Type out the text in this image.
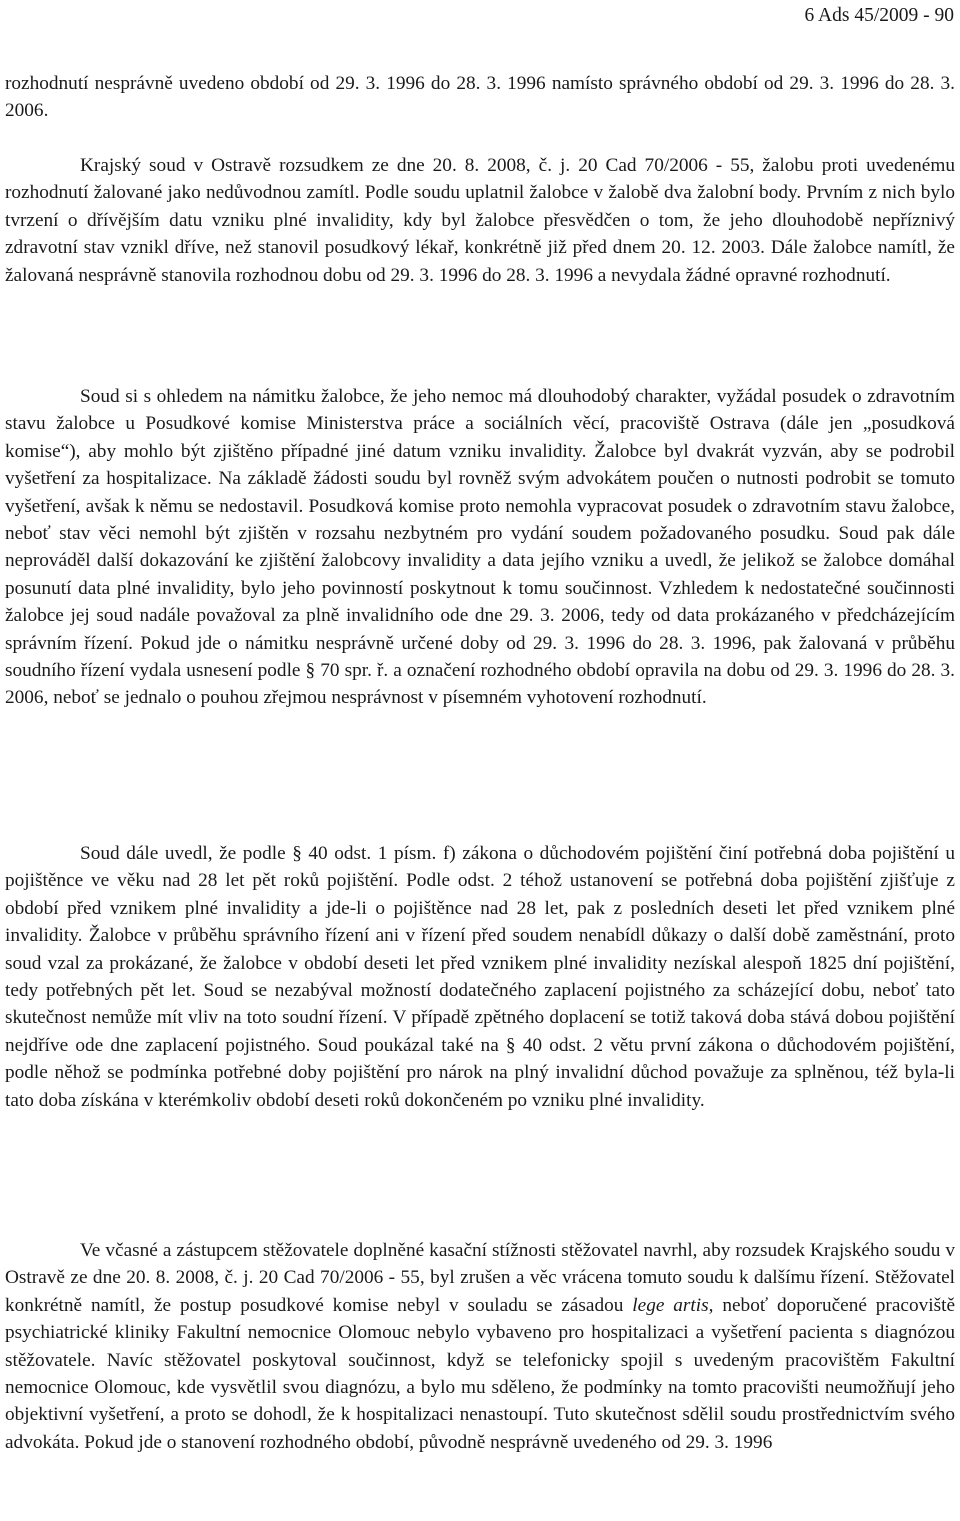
6 Ads 45/2009 - 90

rozhodnutí nesprávně uvedeno období od 29. 3. 1996 do 28. 3. 1996 namísto správného období od 29. 3. 1996 do 28. 3. 2006.

Krajský soud v Ostravě rozsudkem ze dne 20. 8. 2008, č. j. 20 Cad 70/2006 - 55, žalobu proti uvedenému rozhodnutí žalované jako nedůvodnou zamítl. Podle soudu uplatnil žalobce v žalobě dva žalobní body. Prvním z nich bylo tvrzení o dřívějším datu vzniku plné invalidity, kdy byl žalobce přesvědčen o tom, že jeho dlouhodobě nepříznivý zdravotní stav vznikl dříve, než stanovil posudkový lékař, konkrétně již před dnem 20. 12. 2003. Dále žalobce namítl, že žalovaná nesprávně stanovila rozhodnou dobu od 29. 3. 1996 do 28. 3. 1996 a nevydala žádné opravné rozhodnutí.

Soud si s ohledem na námitku žalobce, že jeho nemoc má dlouhodobý charakter, vyžádal posudek o zdravotním stavu žalobce u Posudkové komise Ministerstva práce a sociálních věcí, pracoviště Ostrava (dále jen „posudková komise“), aby mohlo být zjištěno případné jiné datum vzniku invalidity. Žalobce byl dvakrát vyzván, aby se podrobil vyšetření za hospitalizace. Na základě žádosti soudu byl rovněž svým advokátem poučen o nutnosti podrobit se tomuto vyšetření, avšak k němu se nedostavil. Posudková komise proto nemohla vypracovat posudek o zdravotním stavu žalobce, neboť stav věci nemohl být zjištěn v rozsahu nezbytném pro vydání soudem požadovaného posudku. Soud pak dále neprováděl další dokazování ke zjištění žalobcovy invalidity a data jejího vzniku a uvedl, že jelikož se žalobce domáhal posunutí data plné invalidity, bylo jeho povinností poskytnout k tomu součinnost. Vzhledem k nedostatečné součinnosti žalobce jej soud nadále považoval za plně invalidního ode dne 29. 3. 2006, tedy od data prokázaného v předcházejícím správním řízení. Pokud jde o námitku nesprávně určené doby od 29. 3. 1996 do 28. 3. 1996, pak žalovaná v průběhu soudního řízení vydala usnesení podle § 70 spr. ř. a označení rozhodného období opravila na dobu od 29. 3. 1996 do 28. 3. 2006, neboť se jednalo o pouhou zřejmou nesprávnost v písemném vyhotovení rozhodnutí.

Soud dále uvedl, že podle § 40 odst. 1 písm. f) zákona o důchodovém pojištění činí potřebná doba pojištění u pojištěnce ve věku nad 28 let pět roků pojištění. Podle odst. 2 téhož ustanovení se potřebná doba pojištění zjišťuje z období před vznikem plné invalidity a jde-li o pojištěnce nad 28 let, pak z posledních deseti let před vznikem plné invalidity. Žalobce v průběhu správního řízení ani v řízení před soudem nenabídl důkazy o další době zaměstnání, proto soud vzal za prokázané, že žalobce v období deseti let před vznikem plné invalidity nezískal alespoň 1825 dní pojištění, tedy potřebných pět let. Soud se nezabýval možností dodatečného zaplacení pojistného za scházející dobu, neboť tato skutečnost nemůže mít vliv na toto soudní řízení. V případě zpětného doplacení se totiž taková doba stává dobou pojištění nejdříve ode dne zaplacení pojistného. Soud poukázal také na § 40 odst. 2 větu první zákona o důchodovém pojištění, podle něhož se podmínka potřebné doby pojištění pro nárok na plný invalidní důchod považuje za splněnou, též byla-li tato doba získána v kterémkoliv období deseti roků dokončeném po vzniku plné invalidity.

Ve včasné a zástupcem stěžovatele doplněné kasační stížnosti stěžovatel navrhl, aby rozsudek Krajského soudu v Ostravě ze dne 20. 8. 2008, č. j. 20 Cad 70/2006 - 55, byl zrušen a věc vrácena tomuto soudu k dalšímu řízení. Stěžovatel konkrétně namítl, že postup posudkové komise nebyl v souladu se zásadou lege artis, neboť doporučené pracoviště psychiatrické kliniky Fakultní nemocnice Olomouc nebylo vybaveno pro hospitalizaci a vyšetření pacienta s diagnózou stěžovatele. Navíc stěžovatel poskytoval součinnost, když se telefonicky spojil s uvedeným pracovištěm Fakultní nemocnice Olomouc, kde vysvětlil svou diagnózu, a bylo mu sděleno, že podmínky na tomto pracovišti neumožňují jeho objektivní vyšetření, a proto se dohodl, že k hospitalizaci nenastoupí. Tuto skutečnost sdělil soudu prostřednictvím svého advokáta. Pokud jde o stanovení rozhodného období, původně nesprávně uvedeného od 29. 3. 1996
